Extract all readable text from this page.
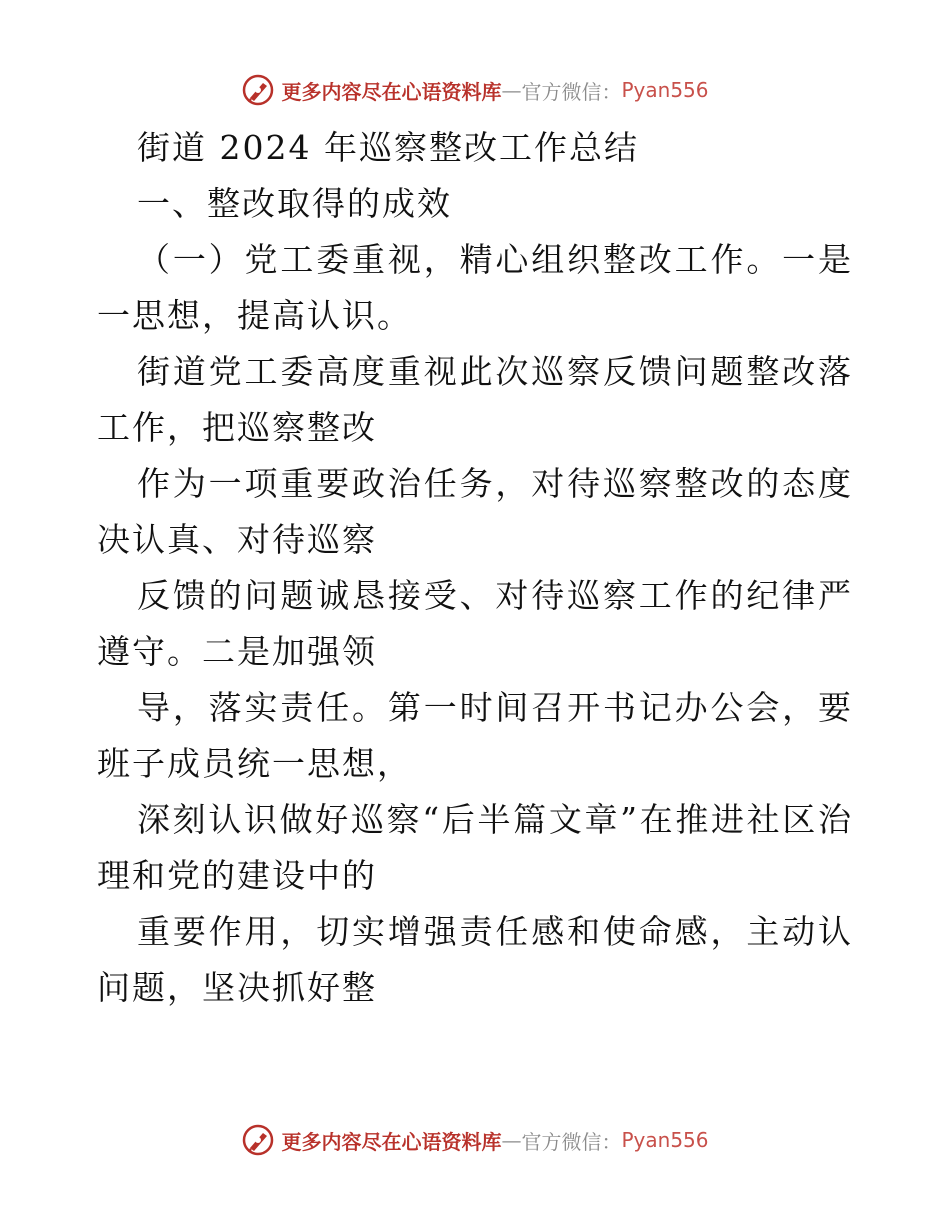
更多内容尽在心语资料库 — 官方微信： Pyan556
街道 2024 年巡察整改工作总结
一、整改取得的成效
（一）党工委重视，精心组织整改工作。一是
一思想，提高认识。
街道党工委高度重视此次巡察反馈问题整改落
工作，把巡察整改
作为一项重要政治任务，对待巡察整改的态度
决认真、对待巡察
反馈的问题诚恳接受、对待巡察工作的纪律严
遵守。二是加强领
导，落实责任。第一时间召开书记办公会，要
班子成员统一思想，
深刻认识做好巡察“后半篇文章”在推进社区治
理和党的建设中的
重要作用，切实增强责任感和使命感，主动认
问题，坚决抓好整
更多内容尽在心语资料库 — 官方微信： Pyan556
